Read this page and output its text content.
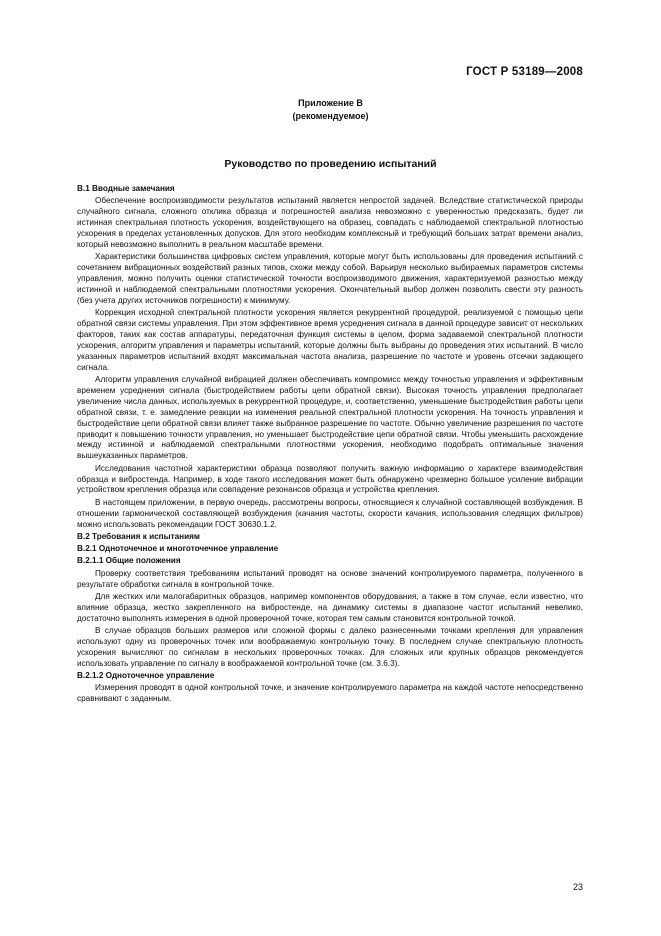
ГОСТ Р 53189—2008
Приложение В
(рекомендуемое)
Руководство по проведению испытаний
В.1 Вводные замечания

Обеспечение воспроизводимости результатов испытаний является непростой задачей. Вследствие статистической природы случайного сигнала, сложного отклика образца и погрешностей анализа невозможно с уверенностью предсказать, будет ли истинная спектральная плотность ускорения, воздействующего на образец, совпадать с наблюдаемой спектральной плотностью ускорения в пределах установленных допусков. Для этого необходим комплексный и требующий больших затрат времени анализ, который невозможно выполнить в реальном масштабе времени.

Характеристики большинства цифровых систем управления, которые могут быть использованы для проведения испытаний с сочетанием вибрационных воздействий разных типов, схожи между собой. Варьируя несколько выбираемых параметров системы управления, можно получить оценки статистической точности воспроизводимого движения, характеризуемой разностью между истинной и наблюдаемой спектральными плотностями ускорения. Окончательный выбор должен позволить свести эту разность (без учета других источников погрешности) к минимуму.

Коррекция исходной спектральной плотности ускорения является рекуррентной процедурой, реализуемой с помощью цепи обратной связи системы управления. При этом эффективное время усреднения сигнала в данной процедуре зависит от нескольких факторов, таких как состав аппаратуры, передаточная функция системы в целом, форма задаваемой спектральной плотности ускорения, алгоритм управления и параметры испытаний, которые должны быть выбраны до проведения этих испытаний. В число указанных параметров испытаний входят максимальная частота анализа, разрешение по частоте и уровень отсечки задающего сигнала.

Алгоритм управления случайной вибрацией должен обеспечивать компромисс между точностью управления и эффективным временем усреднения сигнала (быстродействием работы цепи обратной связи). Высокая точность управления предполагает увеличение числа данных, используемых в рекуррентной процедуре, и, соответственно, уменьшение быстродействия работы цепи обратной связи, т. е. замедление реакции на изменения реальной спектральной плотности ускорения. На точность управления и быстродействие цепи обратной связи влияет также выбранное разрешение по частоте. Обычно увеличение разрешения по частоте приводит к повышению точности управления, но уменьшает быстродействие цепи обратной связи. Чтобы уменьшить расхождение между истинной и наблюдаемой спектральными плотностями ускорения, необходимо подобрать оптимальные значения вышеуказанных параметров.

Исследования частотной характеристики образца позволяют получить важную информацию о характере взаимодействия образца и вибростенда. Например, в ходе такого исследования может быть обнаружено чрезмерно большое усиление вибрации устройством крепления образца или совпадение резонансов образца и устройства крепления.

В настоящем приложении, в первую очередь, рассмотрены вопросы, относящиеся к случайной составляющей возбуждения. В отношении гармонической составляющей возбуждения (качания частоты, скорости качания, использования следящих фильтров) можно использовать рекомендации ГОСТ 30630.1.2.

В.2 Требования к испытаниям
В.2.1 Одноточечное и многоточечное управление
В.2.1.1 Общие положения

Проверку соответствия требованиям испытаний проводят на основе значений контролируемого параметра, полученного в результате обработки сигнала в контрольной точке.

Для жестких или малогабаритных образцов, например компонентов оборудования, а также в том случае, если известно, что влияние образца, жестко закрепленного на вибростенде, на динамику системы в диапазоне частот испытаний невелико, достаточно выполнять измерения в одной проверочной точке, которая тем самым становится контрольной точкой.

В случае образцов больших размеров или сложной формы с далеко разнесенными точками крепления для управления используют одну из проверочных точек или воображаемую контрольную точку. В последнем случае спектральную плотность ускорения вычисляют по сигналам в нескольких проверочных точках. Для сложных или крупных образцов рекомендуется использовать управление по сигналу в воображаемой контрольной точке (см. 3.6.3).

В.2.1.2 Одноточечное управление

Измерения проводят в одной контрольной точке, и значение контролируемого параметра на каждой частоте непосредственно сравнивают с заданным.

23
